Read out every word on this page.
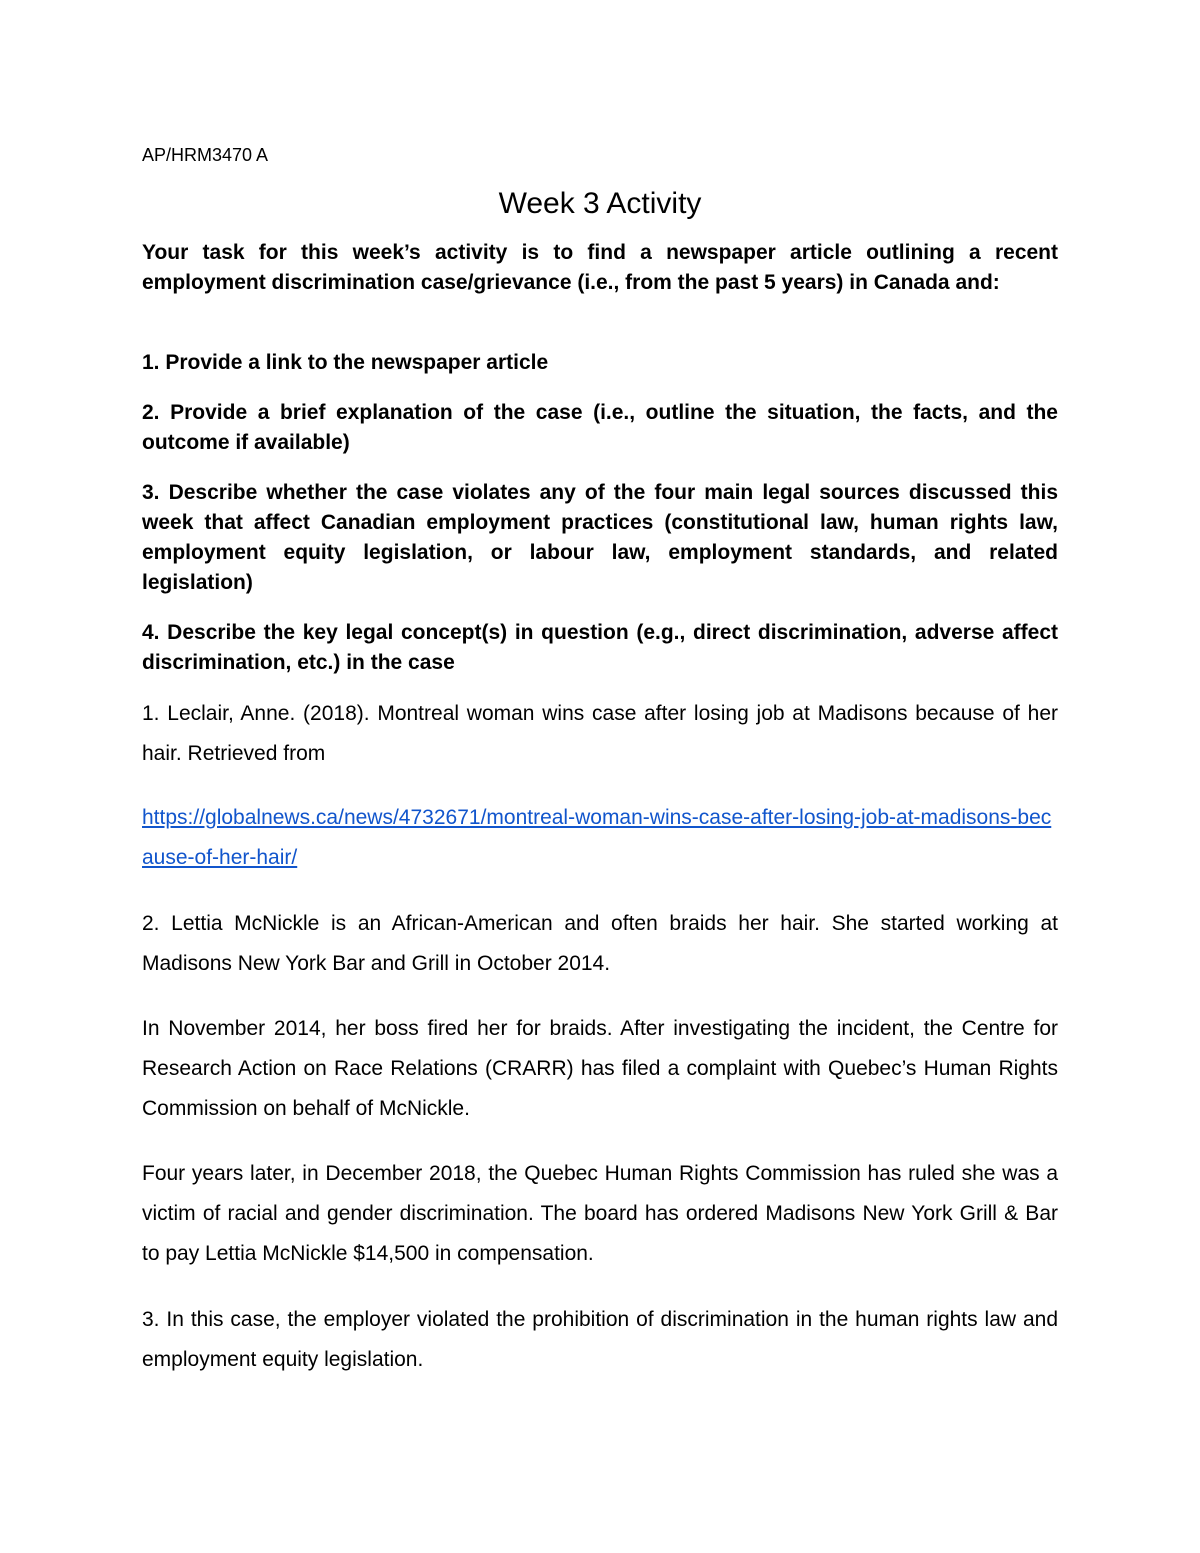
AP/HRM3470 A
Week 3 Activity

Your task for this week’s activity is to find a newspaper article outlining a recent employment discrimination case/grievance (i.e., from the past 5 years) in Canada and:

1. Provide a link to the newspaper article

2. Provide a brief explanation of the case (i.e., outline the situation, the facts, and the outcome if available)

3. Describe whether the case violates any of the four main legal sources discussed this week that affect Canadian employment practices (constitutional law, human rights law, employment equity legislation, or labour law, employment standards, and related legislation)

4. Describe the key legal concept(s) in question (e.g., direct discrimination, adverse affect discrimination, etc.) in the case

1. Leclair, Anne. (2018). Montreal woman wins case after losing job at Madisons because of her hair. Retrieved from

https://globalnews.ca/news/4732671/montreal-woman-wins-case-after-losing-job-at-madisons-because-of-her-hair/

2. Lettia McNickle is an African-American and often braids her hair. She started working at Madisons New York Bar and Grill in October 2014.

In November 2014, her boss fired her for braids. After investigating the incident, the Centre for Research Action on Race Relations (CRARR) has filed a complaint with Quebec’s Human Rights Commission on behalf of McNickle.

Four years later, in December 2018, the Quebec Human Rights Commission has ruled she was a victim of racial and gender discrimination. The board has ordered Madisons New York Grill & Bar to pay Lettia McNickle $14,500 in compensation.

3. In this case, the employer violated the prohibition of discrimination in the human rights law and employment equity legislation.
